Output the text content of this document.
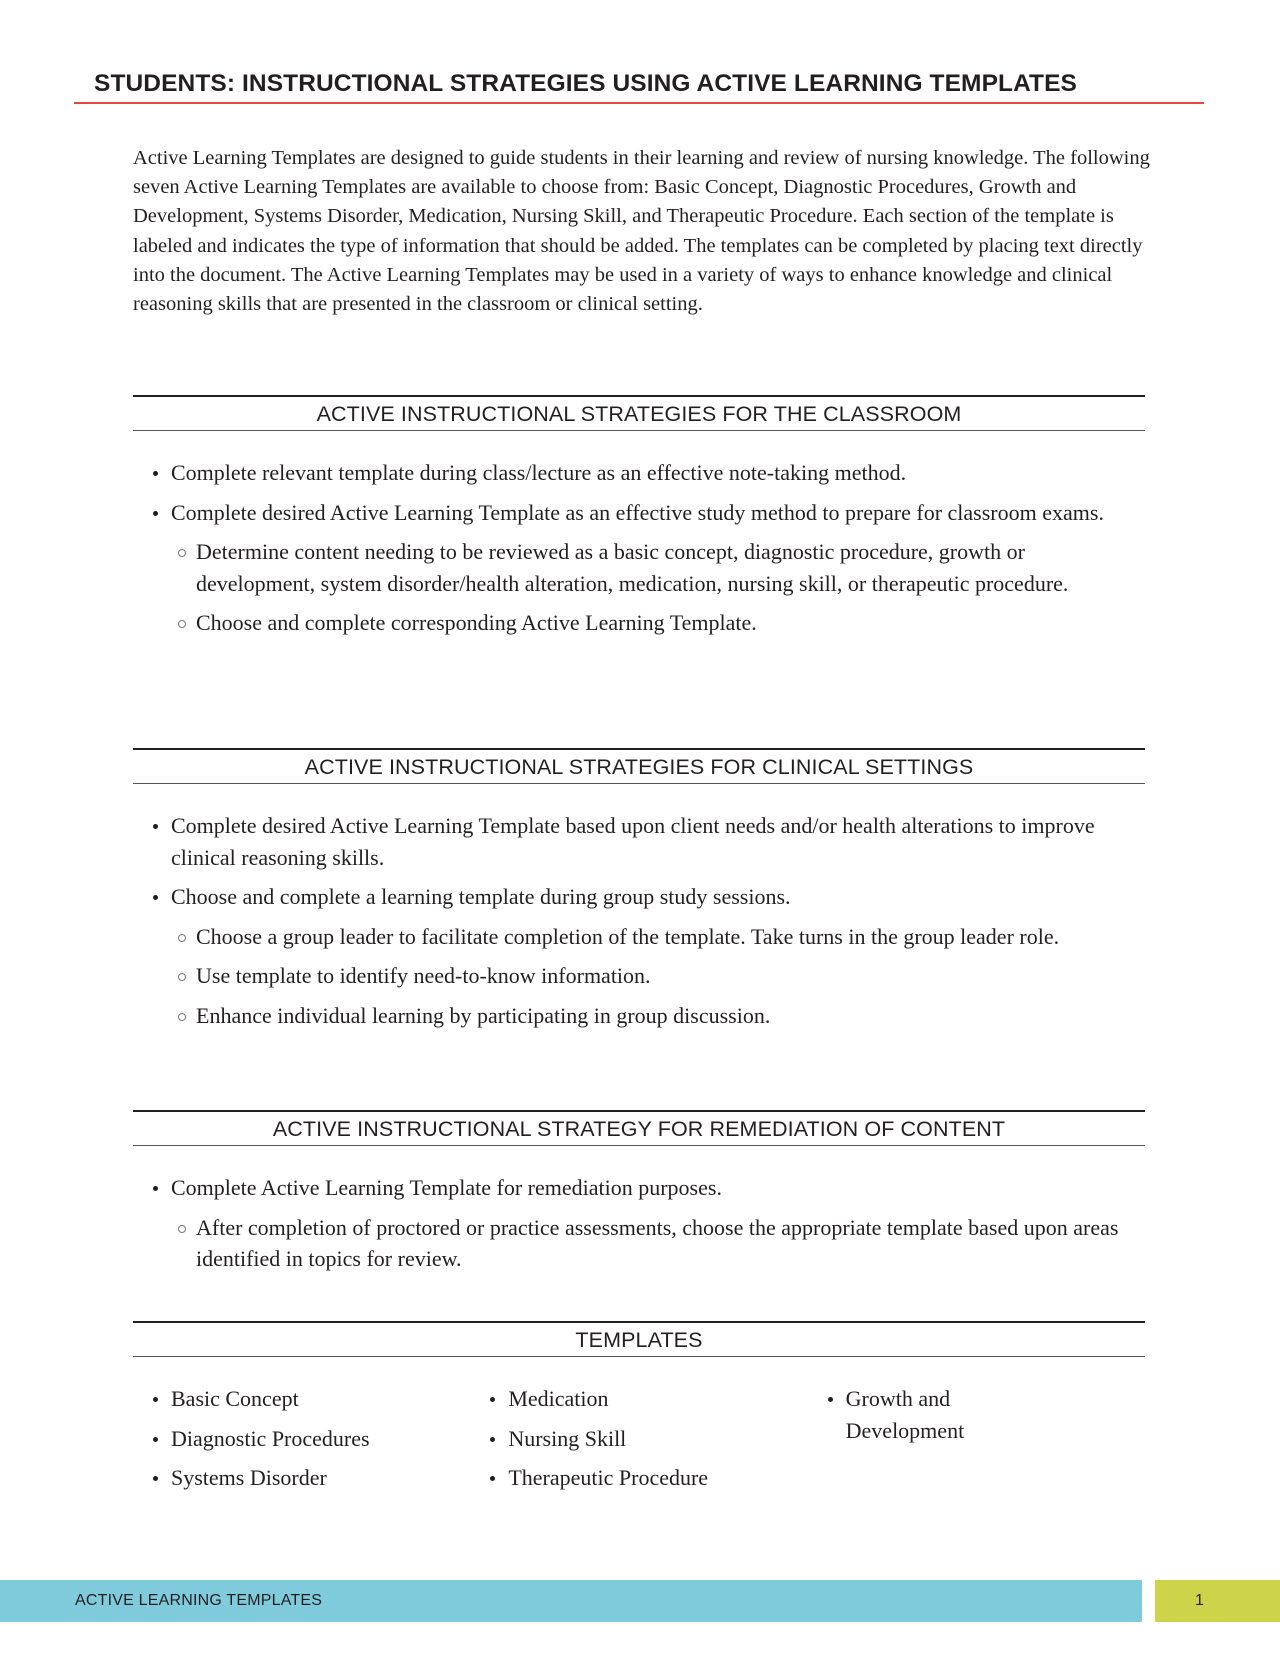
STUDENTS: INSTRUCTIONAL STRATEGIES USING ACTIVE LEARNING TEMPLATES

Active Learning Templates are designed to guide students in their learning and review of nursing knowledge. The following seven Active Learning Templates are available to choose from: Basic Concept, Diagnostic Procedures, Growth and Development, Systems Disorder, Medication, Nursing Skill, and Therapeutic Procedure. Each section of the template is labeled and indicates the type of information that should be added. The templates can be completed by placing text directly into the document. The Active Learning Templates may be used in a variety of ways to enhance knowledge and clinical reasoning skills that are presented in the classroom or clinical setting.

ACTIVE INSTRUCTIONAL STRATEGIES FOR THE CLASSROOM
Complete relevant template during class/lecture as an effective note-taking method.
Complete desired Active Learning Template as an effective study method to prepare for classroom exams.
Determine content needing to be reviewed as a basic concept, diagnostic procedure, growth or development, system disorder/health alteration, medication, nursing skill, or therapeutic procedure.
Choose and complete corresponding Active Learning Template.
ACTIVE INSTRUCTIONAL STRATEGIES FOR CLINICAL SETTINGS
Complete desired Active Learning Template based upon client needs and/or health alterations to improve clinical reasoning skills.
Choose and complete a learning template during group study sessions.
Choose a group leader to facilitate completion of the template. Take turns in the group leader role.
Use template to identify need-to-know information.
Enhance individual learning by participating in group discussion.
ACTIVE INSTRUCTIONAL STRATEGY FOR REMEDIATION OF CONTENT
Complete Active Learning Template for remediation purposes.
After completion of proctored or practice assessments, choose the appropriate template based upon areas identified in topics for review.
TEMPLATES
Basic Concept
Diagnostic Procedures
Systems Disorder
Medication
Nursing Skill
Therapeutic Procedure
Growth and Development
ACTIVE LEARNING TEMPLATES	1
